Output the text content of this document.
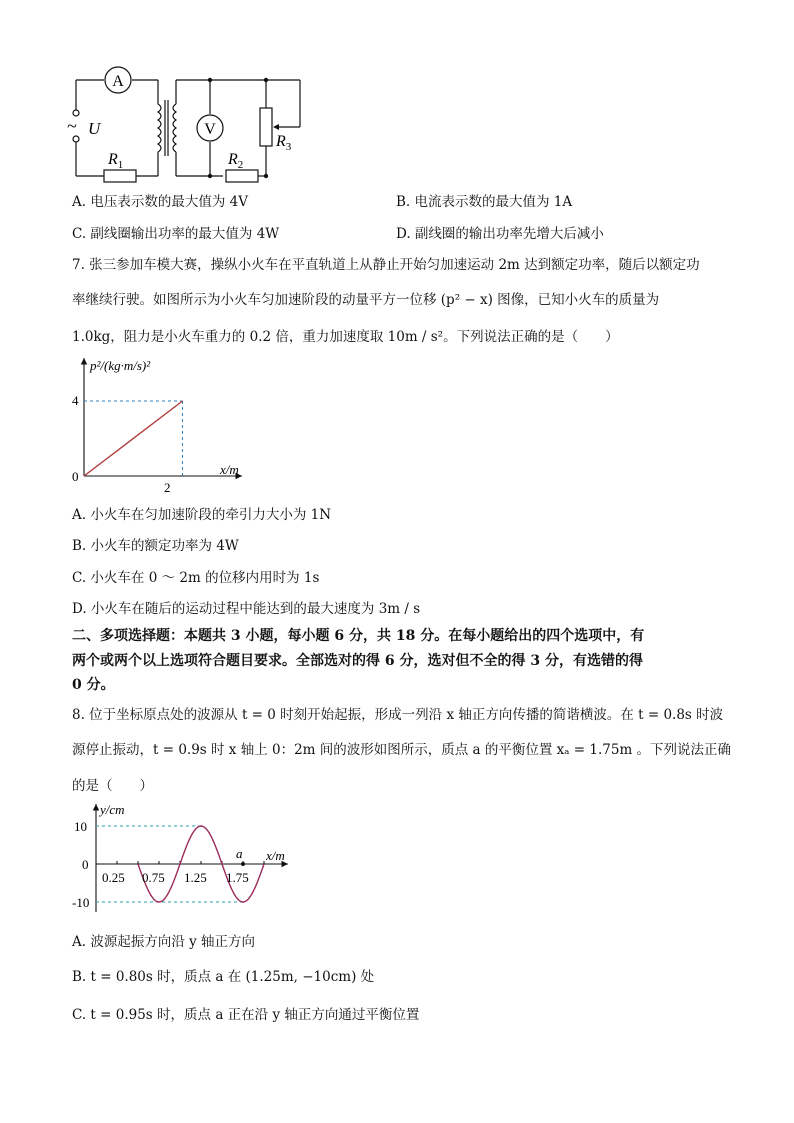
A
V
~ U
$R_1$	$R_2$
$R_3$
A. 电压表示数的最大值为 4V	B. 电流表示数的最大值为 1A
C. 副线圈输出功率的最大值为 4W	D. 副线圈的输出功率先增大后减小
7. 张三参加车模大赛，操纵小火车在平直轨道上从静止开始匀加速运动 2m 达到额定功率，随后以额定功
率继续行驶。如图所示为小火车匀加速阶段的动量平方一位移 (p² − x) 图像，已知小火车的质量为
1.0kg，阻力是小火车重力的 0.2 倍，重力加速度取 10m / s²。下列说法正确的是（　　）
p²/(kg·m/s)²
x/m
4
0
2
A. 小火车在匀加速阶段的牵引力大小为 1N
B. 小火车的额定功率为 4W
C. 小火车在 0 ～ 2m 的位移内用时为 1s
D. 小火车在随后的运动过程中能达到的最大速度为 3m / s
二、多项选择题：本题共 3 小题，每小题 6 分，共 18 分。在每小题给出的四个选项中，有
两个或两个以上选项符合题目要求。全部选对的得 6 分，选对但不全的得 3 分，有选错的得
0 分。
8. 位于坐标原点处的波源从 t = 0 时刻开始起振，形成一列沿 x 轴正方向传播的简谐横波。在 t = 0.8s 时波
源停止振动，t = 0.9s 时 x 轴上 0：2m 间的波形如图所示，质点 a 的平衡位置 xₐ = 1.75m 。下列说法正确
的是（　　）
y/cm
x/m
10
0
-10
0.25 0.75 1.25 1.75
a
A. 波源起振方向沿 y 轴正方向
B. t = 0.80s 时，质点 a 在 (1.25m, −10cm) 处
C. t = 0.95s 时，质点 a 正在沿 y 轴正方向通过平衡位置
